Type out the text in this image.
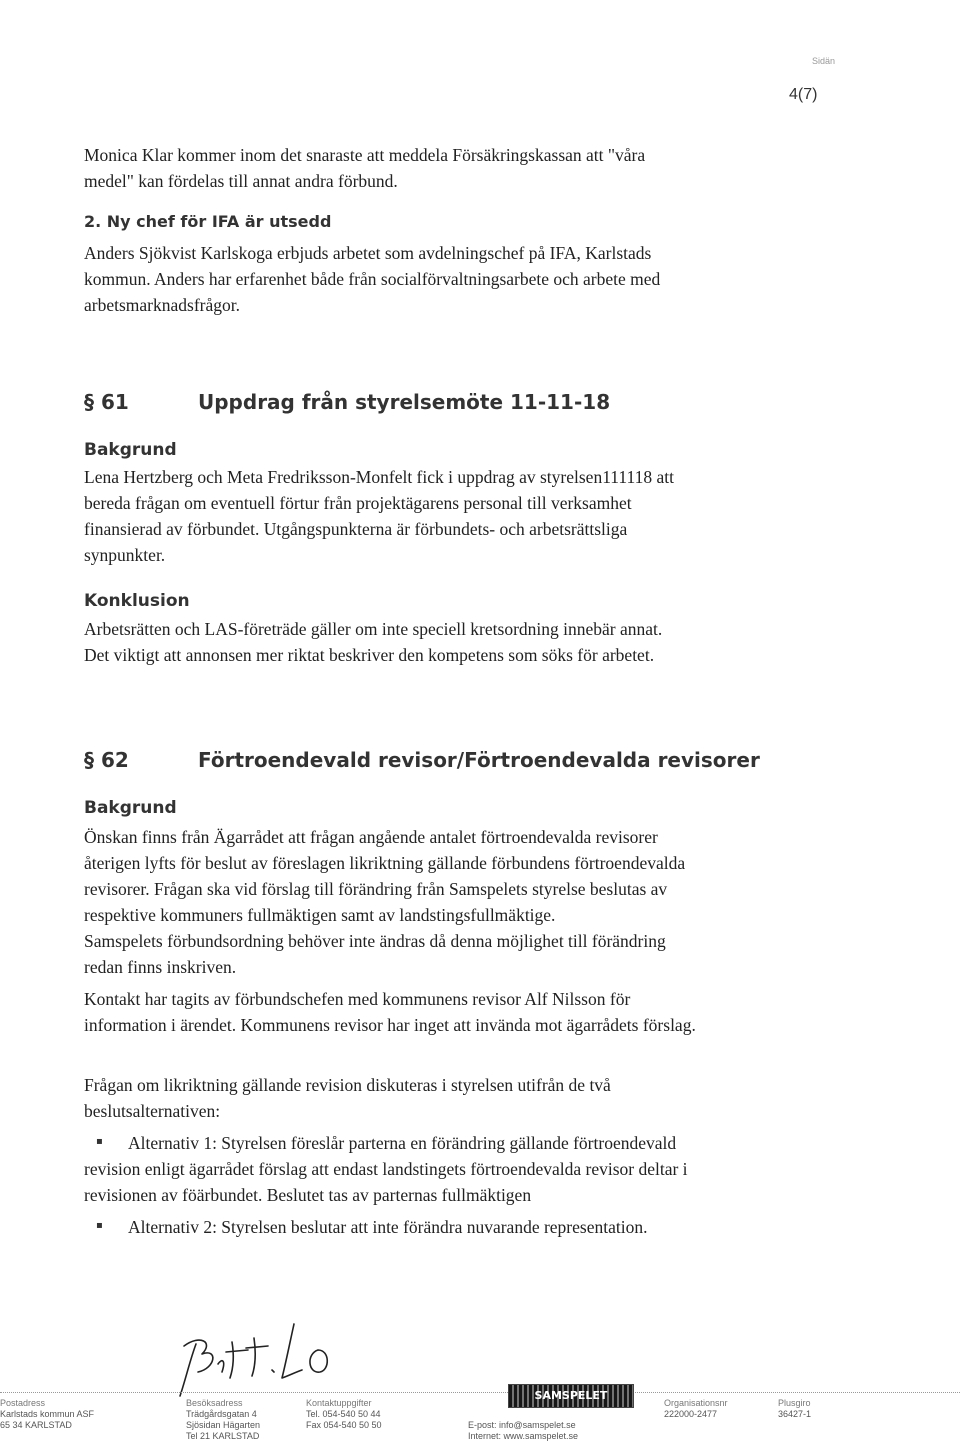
Sidän
4(7)
Monica Klar kommer inom det snaraste att meddela Försäkringskassan att "våra
medel" kan fördelas till annat andra förbund.
2. Ny chef för IFA är utsedd
Anders Sjökvist Karlskoga erbjuds arbetet som avdelningschef på IFA, Karlstads
kommun. Anders har erfarenhet både från socialförvaltningsarbete och arbete med
arbetsmarknadsfrågor.
§ 61	Uppdrag från styrelsemöte 11-11-18
Bakgrund
Lena Hertzberg och Meta Fredriksson-Monfelt fick i uppdrag av styrelsen111118 att
bereda frågan om eventuell förtur från projektägarens personal till verksamhet
finansierad av förbundet. Utgångspunkterna är förbundets- och arbetsrättsliga
synpunkter.
Konklusion
Arbetsrätten och LAS-företräde gäller om inte speciell kretsordning innebär annat.
Det viktigt att annonsen mer riktat beskriver den kompetens som söks för arbetet.
§ 62	Förtroendevald revisor/Förtroendevalda revisorer
Bakgrund
Önskan finns från Ägarrådet att frågan angående antalet förtroendevalda revisorer
återigen lyfts för beslut av föreslagen likriktning gällande förbundens förtroendevalda
revisorer. Frågan ska vid förslag till förändring från Samspelets styrelse beslutas av
respektive kommuners fullmäktigen samt av landstingsfullmäktige.
Samspelets förbundsordning behöver inte ändras då denna möjlighet till förändring
redan finns inskriven.
Kontakt har tagits av förbundschefen med kommunens revisor Alf Nilsson för
information i ärendet. Kommunens revisor har inget att invända mot ägarrådets förslag.
Frågan om likriktning gällande revision diskuteras i styrelsen utifrån de två
beslutsalternativen:
▪	Alternativ 1: Styrelsen föreslår parterna en förändring gällande förtroendevald
revision enligt ägarrådet förslag att endast landstingets förtroendevalda revisor deltar i
revisionen av föärbundet. Beslutet tas av parternas fullmäktigen
▪ Alternativ 2: Styrelsen beslutar att inte förändra nuvarande representation.
Postadress
Karlstads kommun ASF
65 34 KARLSTAD
Besöksadress
Trädgårdsgatan 4
Sjösidan Hägarten
Tel 21 KARLSTAD
Kontaktuppgifter
Tel. 054-540 50 44
Fax 054-540 50 50
SAMSPELET
E-post: info@samspelet.se
Internet: www.samspelet.se
Organisationsnr
222000-2477
Plusgiro
36427-1
